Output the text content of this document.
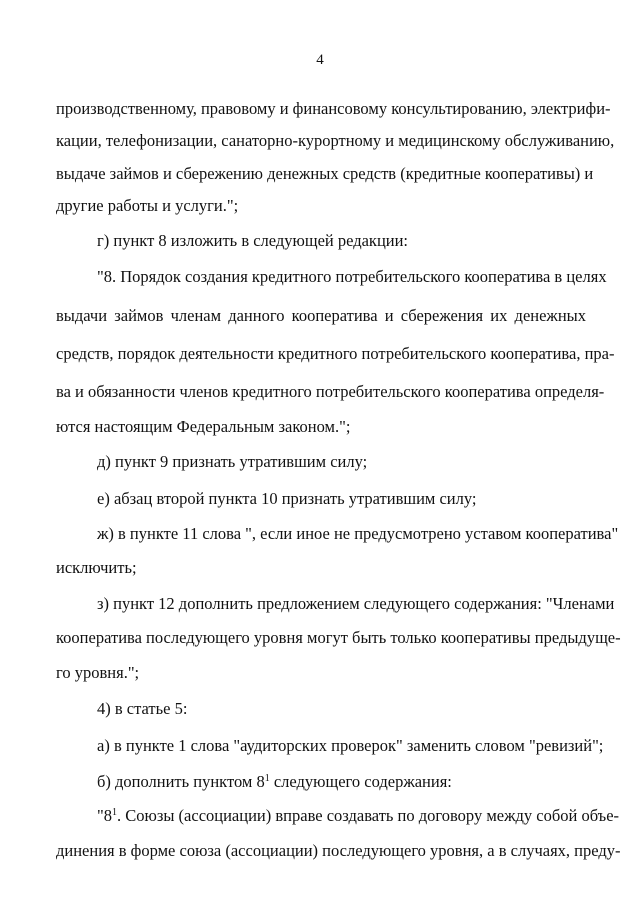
4
производственному, правовому и финансовому консультированию, электрифи-
кации, телефонизации, санаторно-курортному и медицинскому обслуживанию,
выдаче займов и сбережению денежных средств (кредитные кооперативы) и
другие работы и услуги.";
г) пункт 8 изложить в следующей редакции:
"8. Порядок создания кредитного потребительского кооператива в целях
выдачи займов членам данного кооператива и сбережения их денежных
средств, порядок деятельности кредитного потребительского кооператива, пра-
ва и обязанности членов кредитного потребительского кооператива определя-
ются настоящим Федеральным законом.";
д) пункт 9 признать утратившим силу;
е) абзац второй пункта 10 признать утратившим силу;
ж) в пункте 11 слова ", если иное не предусмотрено уставом кооператива"
исключить;
з) пункт 12 дополнить предложением следующего содержания: "Членами
кооператива последующего уровня могут быть только кооперативы предыдуще-
го уровня.";
4) в статье 5:
а) в пункте 1 слова "аудиторских проверок" заменить словом "ревизий";
б) дополнить пунктом $8^1$ следующего содержания:
"$8^1$. Союзы (ассоциации) вправе создавать по договору между собой объе-
динения в форме союза (ассоциации) последующего уровня, а в случаях, преду-
